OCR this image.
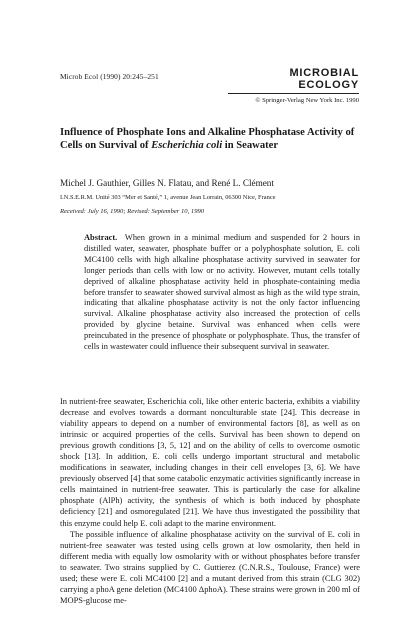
Microb Ecol (1990) 20:245–251	MICROBIAL ECOLOGY
© Springer-Verlag New York Inc. 1990
Influence of Phosphate Ions and Alkaline Phosphatase Activity of Cells on Survival of Escherichia coli in Seawater
Michel J. Gauthier, Gilles N. Flatau, and René L. Clément
I.N.S.E.R.M. Unité 303 “Mer et Santé,” 1, avenue Jean Lorrain, 06300 Nice, France
Received: July 16, 1990; Revised: September 10, 1990
Abstract. When grown in a minimal medium and suspended for 2 hours in distilled water, seawater, phosphate buffer or a polyphosphate solution, E. coli MC4100 cells with high alkaline phosphatase activity survived in seawater for longer periods than cells with low or no activity. However, mutant cells totally deprived of alkaline phosphatase activity held in phosphate-containing media before transfer to seawater showed survival almost as high as the wild type strain, indicating that alkaline phosphatase activity is not the only factor influencing survival. Alkaline phosphatase activity also increased the protection of cells provided by glycine betaine. Survival was enhanced when cells were preincubated in the presence of phosphate or polyphosphate. Thus, the transfer of cells in wastewater could influence their subsequent survival in seawater.

In nutrient-free seawater, Escherichia coli, like other enteric bacteria, exhibits a viability decrease and evolves towards a dormant nonculturable state [24]. This decrease in viability appears to depend on a number of environmental factors [8], as well as on intrinsic or acquired properties of the cells. Survival has been shown to depend on previous growth conditions [3, 5, 12] and on the ability of cells to overcome osmotic shock [13]. In addition, E. coli cells undergo important structural and metabolic modifications in seawater, including changes in their cell envelopes [3, 6]. We have previously observed [4] that some catabolic enzymatic activities significantly increase in cells maintained in nutrient-free seawater. This is particularly the case for alkaline phosphate (AlPh) activity, the synthesis of which is both induced by phosphate deficiency [21] and osmoregulated [21]. We have thus investigated the possibility that this enzyme could help E. coli adapt to the marine environment.

The possible influence of alkaline phosphatase activity on the survival of E. coli in nutrient-free seawater was tested using cells grown at low osmolarity, then held in different media with equally low osmolarity with or without phosphates before transfer to seawater. Two strains supplied by C. Guttierez (C.N.R.S., Toulouse, France) were used; these were E. coli MC4100 [2] and a mutant derived from this strain (CLG 302) carrying a phoA gene deletion (MC4100 ΔphoA). These strains were grown in 200 ml of MOPS-glucose me-
